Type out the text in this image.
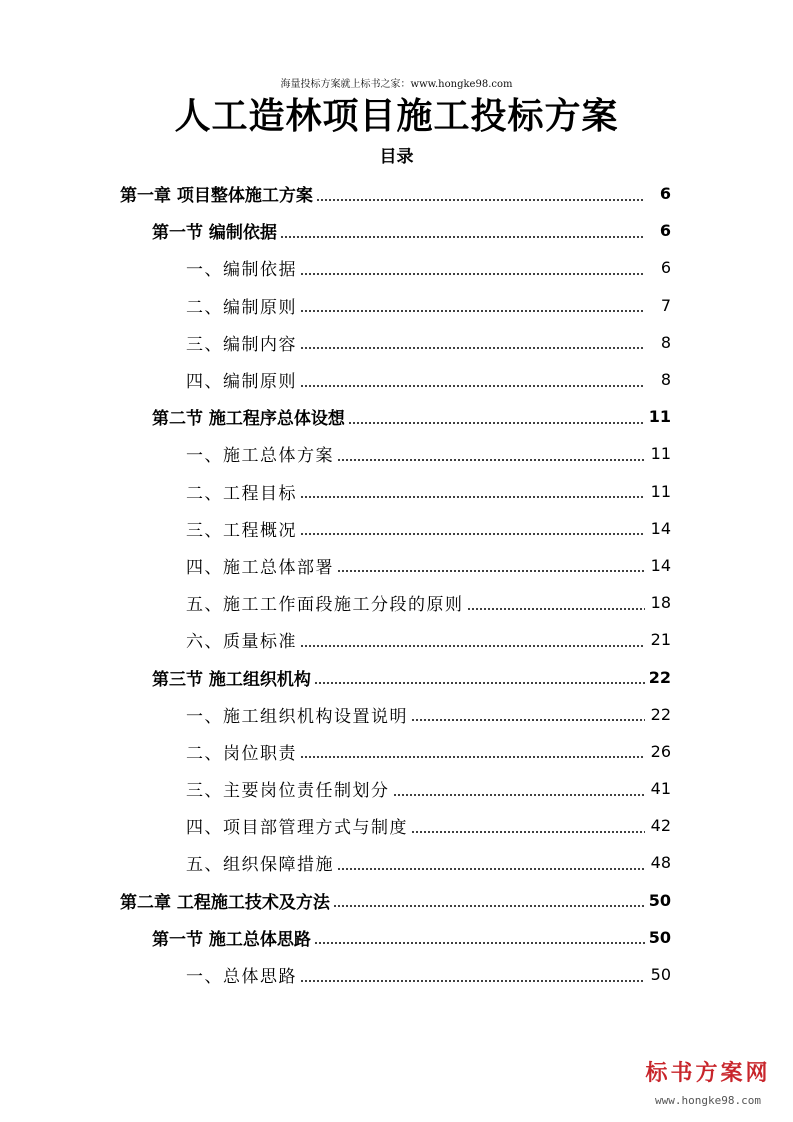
海量投标方案就上标书之家：www.hongke98.com
人工造林项目施工投标方案
目录
第一章 项目整体施工方案	6
第一节 编制依据	6
一、编制依据	6
二、编制原则	7
三、编制内容	8
四、编制原则	8
第二节 施工程序总体设想	11
一、施工总体方案	11
二、工程目标	11
三、工程概况	14
四、施工总体部署	14
五、施工工作面段施工分段的原则	18
六、质量标准	21
第三节 施工组织机构	22
一、施工组织机构设置说明	22
二、岗位职责	26
三、主要岗位责任制划分	41
四、项目部管理方式与制度	42
五、组织保障措施	48
第二章 工程施工技术及方法	50
第一节 施工总体思路	50
一、总体思路	50
标书方案网
www.hongke98.com
